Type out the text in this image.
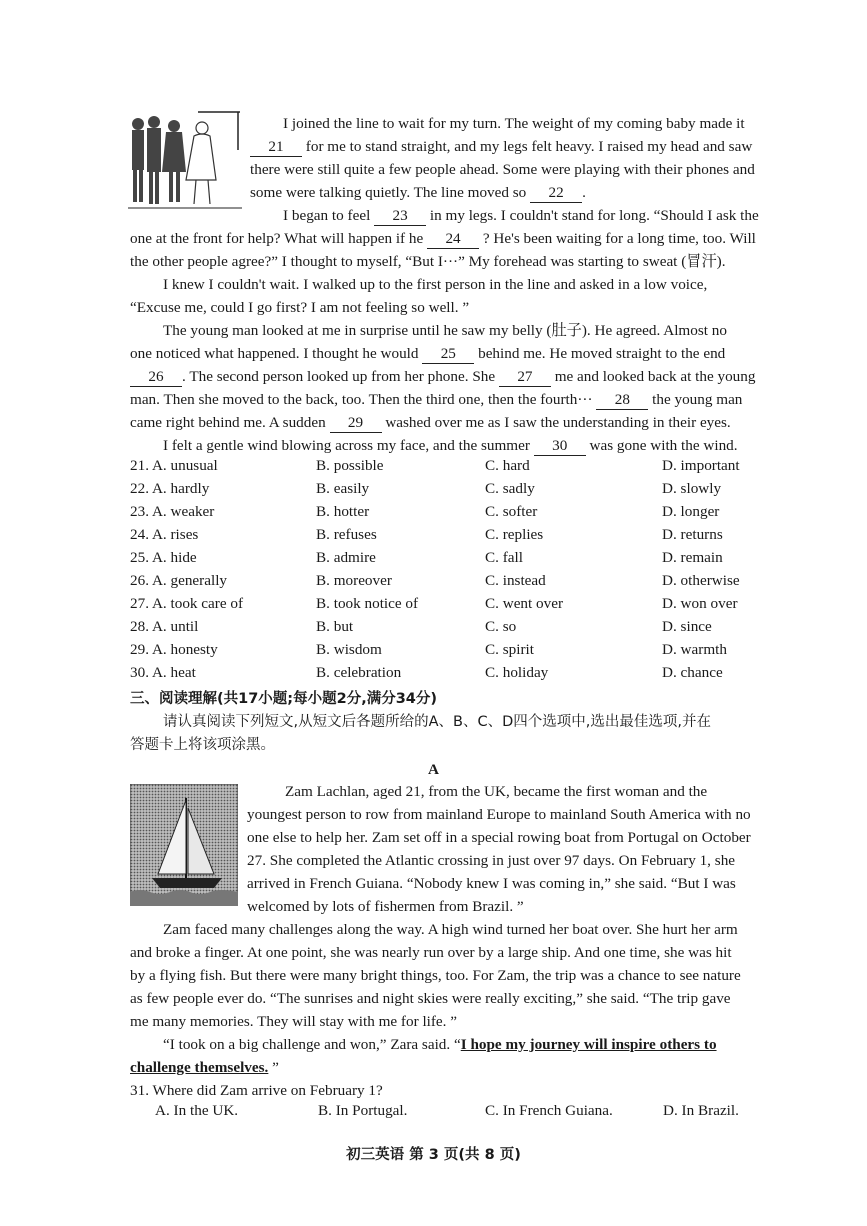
I joined the line to wait for my turn. The weight of my coming baby made it
21 for me to stand straight, and my legs felt heavy. I raised my head and saw
there were still quite a few people ahead. Some were playing with their phones and
some were talking quietly. The line moved so 22 .
I began to feel 23 in my legs. I couldn't stand for long. “Should I ask the
one at the front for help? What will happen if he 24 ? He's been waiting for a long time, too. Will
the other people agree?” I thought to myself, “But I···” My forehead was starting to sweat (冒汗).
I knew I couldn't wait. I walked up to the first person in the line and asked in a low voice,
“Excuse me, could I go first? I am not feeling so well. ”
The young man looked at me in surprise until he saw my belly (肚子). He agreed. Almost no
one noticed what happened. I thought he would 25 behind me. He moved straight to the end
26 . The second person looked up from her phone. She 27 me and looked back at the young
man. Then she moved to the back, too. Then the third one, then the fourth··· 28 the young man
came right behind me. A sudden 29 washed over me as I saw the understanding in their eyes.
I felt a gentle wind blowing across my face, and the summer 30 was gone with the wind.
21. A. unusual	B. possible	C. hard	D. important
22. A. hardly	B. easily	C. sadly	D. slowly
23. A. weaker	B. hotter	C. softer	D. longer
24. A. rises	B. refuses	C. replies	D. returns
25. A. hide	B. admire	C. fall	D. remain
26. A. generally	B. moreover	C. instead	D. otherwise
27. A. took care of	B. took notice of	C. went over	D. won over
28. A. until	B. but	C. so	D. since
29. A. honesty	B. wisdom	C. spirit	D. warmth
30. A. heat	B. celebration	C. holiday	D. chance
三、阅读理解(共17小题;每小题2分,满分34分)
请认真阅读下列短文,从短文后各题所给的A、B、C、D四个选项中,选出最佳选项,并在
答题卡上将该项涂黑。
A
Zam Lachlan, aged 21, from the UK, became the first woman and the
youngest person to row from mainland Europe to mainland South America with no
one else to help her. Zam set off in a special rowing boat from Portugal on October
27. She completed the Atlantic crossing in just over 97 days. On February 1, she
arrived in French Guiana. “Nobody knew I was coming in,” she said. “But I was
welcomed by lots of fishermen from Brazil. ”
Zam faced many challenges along the way. A high wind turned her boat over. She hurt her arm
and broke a finger. At one point, she was nearly run over by a large ship. And one time, she was hit
by a flying fish. But there were many bright things, too. For Zam, the trip was a chance to see nature
as few people ever do. “The sunrises and night skies were really exciting,” she said. “The trip gave
me many memories. They will stay with me for life. ”
“I took on a big challenge and won,” Zara said. “I hope my journey will inspire others to
challenge themselves. ”
31. Where did Zam arrive on February 1?
A. In the UK.	B. In Portugal.	C. In French Guiana.	D. In Brazil.
初三英语 第 3 页(共 8 页)
